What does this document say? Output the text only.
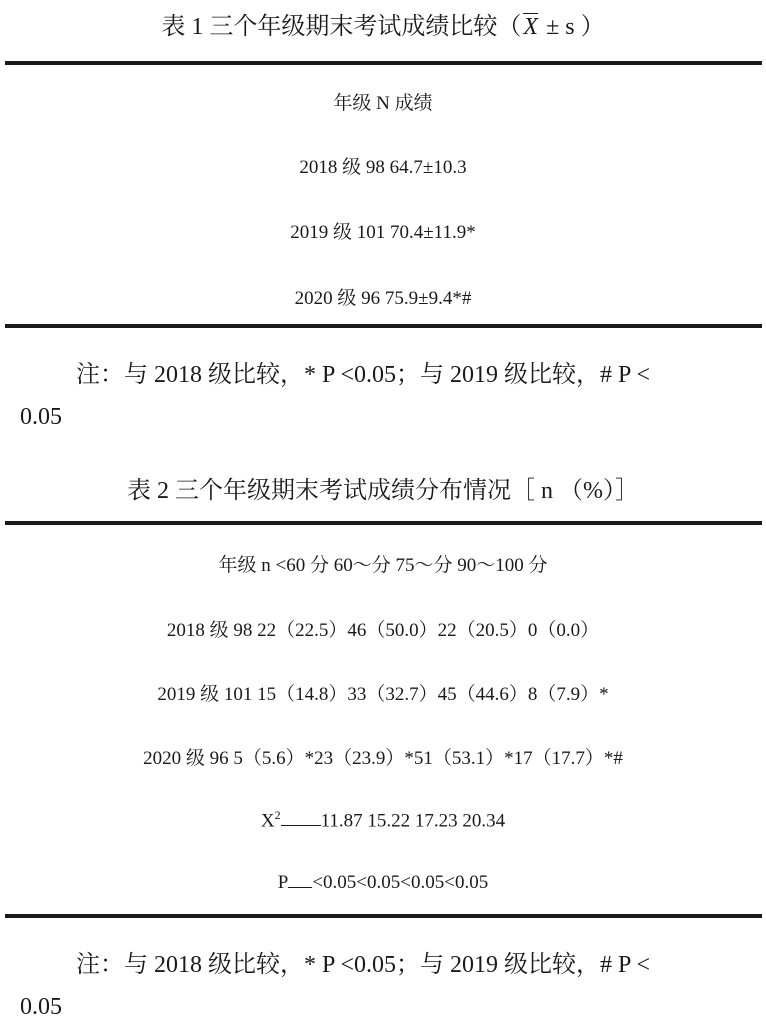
表 1 三个年级期末考试成绩比较（X ± s ）
年级 N 成绩
2018 级 98 64.7±10.3
2019 级 101 70.4±11.9*
2020 级 96 75.9±9.4*#
注：与 2018 级比较，* P <0.05；与 2019 级比较，# P <
0.05
表 2 三个年级期末考试成绩分布情况［ n （%）］
年级 n <60 分 60～分 75～分 90～100 分
2018 级 98 22（22.5）46（50.0）22（20.5）0（0.0）
2019 级 101 15（14.8）33（32.7）45（44.6）8（7.9）*
2020 级 96 5（5.6）*23（23.9）*51（53.1）*17（17.7）*#
$X^2$ 11.87 15.22 17.23 20.34
P <0.05<0.05<0.05<0.05
注：与 2018 级比较，* P <0.05；与 2019 级比较，# P <
0.05
